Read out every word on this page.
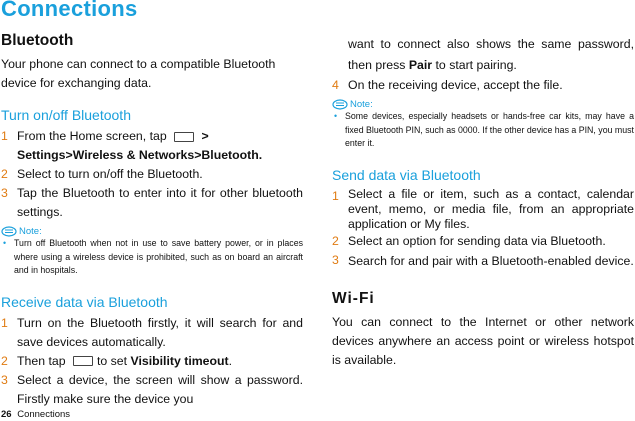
Connections
Bluetooth

Your phone can connect to a compatible Bluetooth device for exchanging data.

Turn on/off Bluetooth
1 From the Home screen, tap	>
Settings>Wireless & Networks>Bluetooth.
2 Select to turn on/off the Bluetooth.
3 Tap the Bluetooth to enter into it for other bluetooth settings.
Note:
• Turn off Bluetooth when not in use to save battery power, or in places where using a wireless device is prohibited, such as on board an aircraft and in hospitals.
Receive data via Bluetooth
1 Turn on the Bluetooth firstly, it will search for and save devices automatically.
2 Then tap	to set Visibility timeout.
3 Select a device, the screen will show a password. Firstly make sure the device you
want to connect also shows the same password, then press Pair to start pairing.
4 On the receiving device, accept the file.
Note:
• Some devices, especially headsets or hands-free car kits, may have a fixed Bluetooth PIN, such as 0000. If the other device has a PIN, you must enter it.
Send data via Bluetooth
1 Select a file or item, such as a contact, calendar event, memo, or media file, from an appropriate application or My files.
2 Select an option for sending data via Bluetooth.
3 Search for and pair with a Bluetooth-enabled device.
Wi-Fi

You can connect to the Internet or other network devices anywhere an access point or wireless hotspot is available.

26 Connections
